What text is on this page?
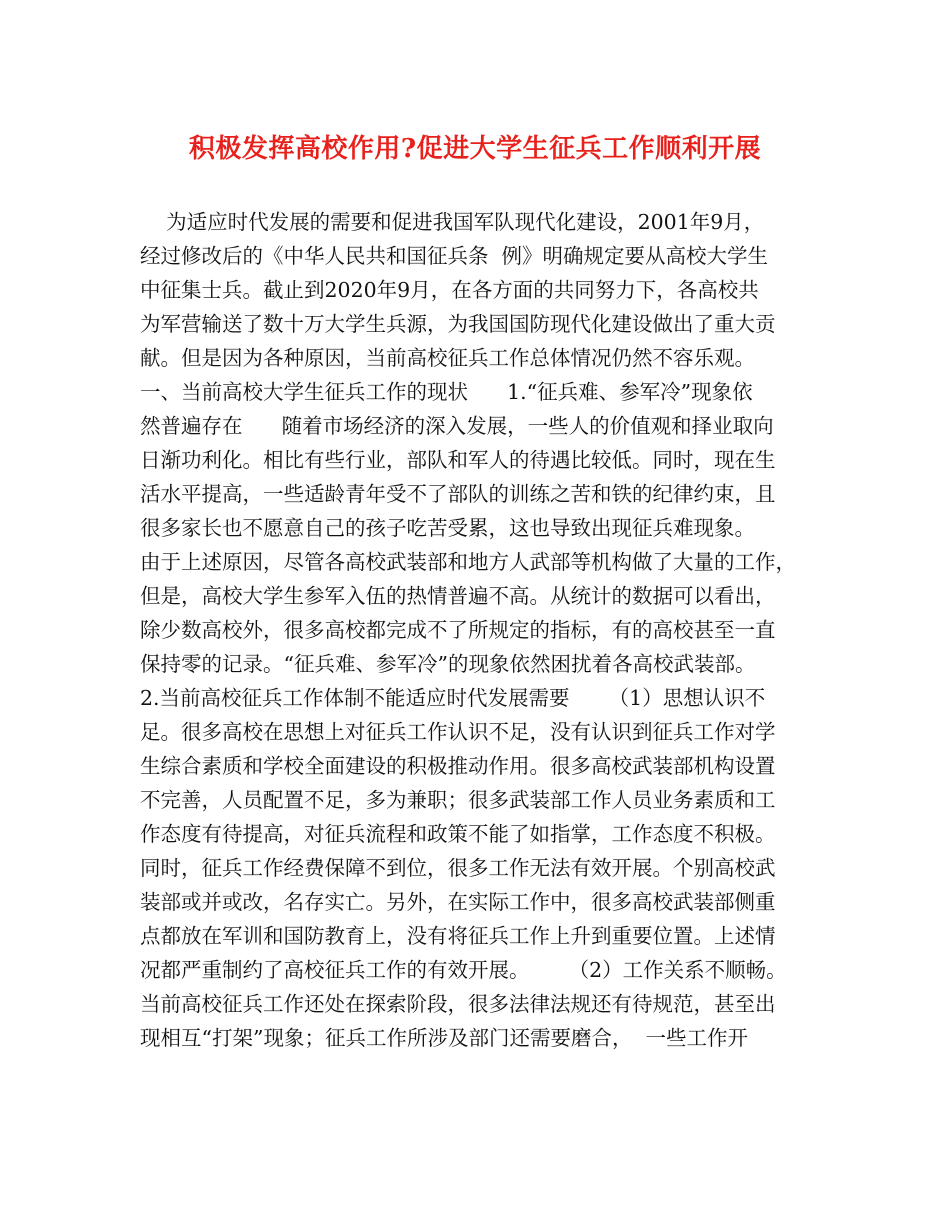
积极发挥高校作用?促进大学生征兵工作顺利开展
为适应时代发展的需要和促进我国军队现代化建设，2001年9月，
经过修改后的《中华人民共和国征兵条  例》明确规定要从高校大学生
中征集士兵。截止到2020年9月，在各方面的共同努力下，各高校共
为军营输送了数十万大学生兵源，为我国国防现代化建设做出了重大贡
献。但是因为各种原因，当前高校征兵工作总体情况仍然不容乐观。
一、当前高校大学生征兵工作的现状      1.“征兵难、参军冷”现象依
然普遍存在      随着市场经济的深入发展，一些人的价值观和择业取向
日渐功利化。相比有些行业，部队和军人的待遇比较低。同时，现在生
活水平提高，一些适龄青年受不了部队的训练之苦和铁的纪律约束，且
很多家长也不愿意自己的孩子吃苦受累，这也导致出现征兵难现象。
由于上述原因，尽管各高校武装部和地方人武部等机构做了大量的工作，
但是，高校大学生参军入伍的热情普遍不高。从统计的数据可以看出，
除少数高校外，很多高校都完成不了所规定的指标，有的高校甚至一直
保持零的记录。“征兵难、参军冷”的现象依然困扰着各高校武装部。
2.当前高校征兵工作体制不能适应时代发展需要      （1）思想认识不
足。很多高校在思想上对征兵工作认识不足，没有认识到征兵工作对学
生综合素质和学校全面建设的积极推动作用。很多高校武装部机构设置
不完善，人员配置不足，多为兼职；很多武装部工作人员业务素质和工
作态度有待提高，对征兵流程和政策不能了如指掌，工作态度不积极。
同时，征兵工作经费保障不到位，很多工作无法有效开展。个别高校武
装部或并或改，名存实亡。另外，在实际工作中，很多高校武装部侧重
点都放在军训和国防教育上，没有将征兵工作上升到重要位置。上述情
况都严重制约了高校征兵工作的有效开展。      （2）工作关系不顺畅。
当前高校征兵工作还处在探索阶段，很多法律法规还有待规范，甚至出
现相互“打架”现象；征兵工作所涉及部门还需要磨合，  一些工作开
